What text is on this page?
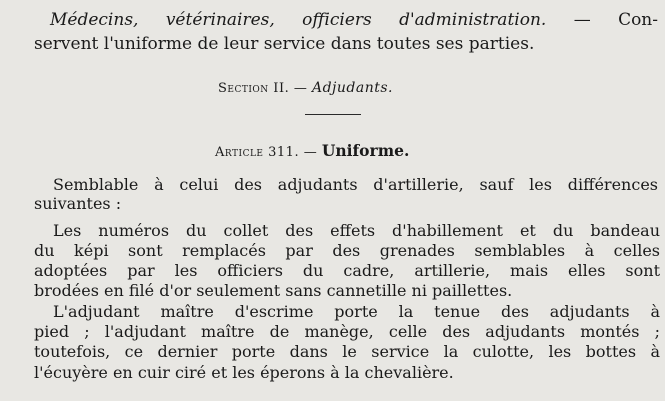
Médecins, vétérinaires, officiers d'administration. — Con-
servent l'uniforme de leur service dans toutes ses parties.
Section II. — Adjudants.
Article 311. — Uniforme.
Semblable à celui des adjudants d'artillerie, sauf les différences
suivantes :
Les numéros du collet des effets d'habillement et du bandeau
du képi sont remplacés par des grenades semblables à celles
adoptées par les officiers du cadre, artillerie, mais elles sont
brodées en filé d'or seulement sans cannetille ni paillettes.
L'adjudant maître d'escrime porte la tenue des adjudants à
pied ; l'adjudant maître de manège, celle des adjudants montés ;
toutefois, ce dernier porte dans le service la culotte, les bottes à
l'écuyère en cuir ciré et les éperons à la chevalière.
